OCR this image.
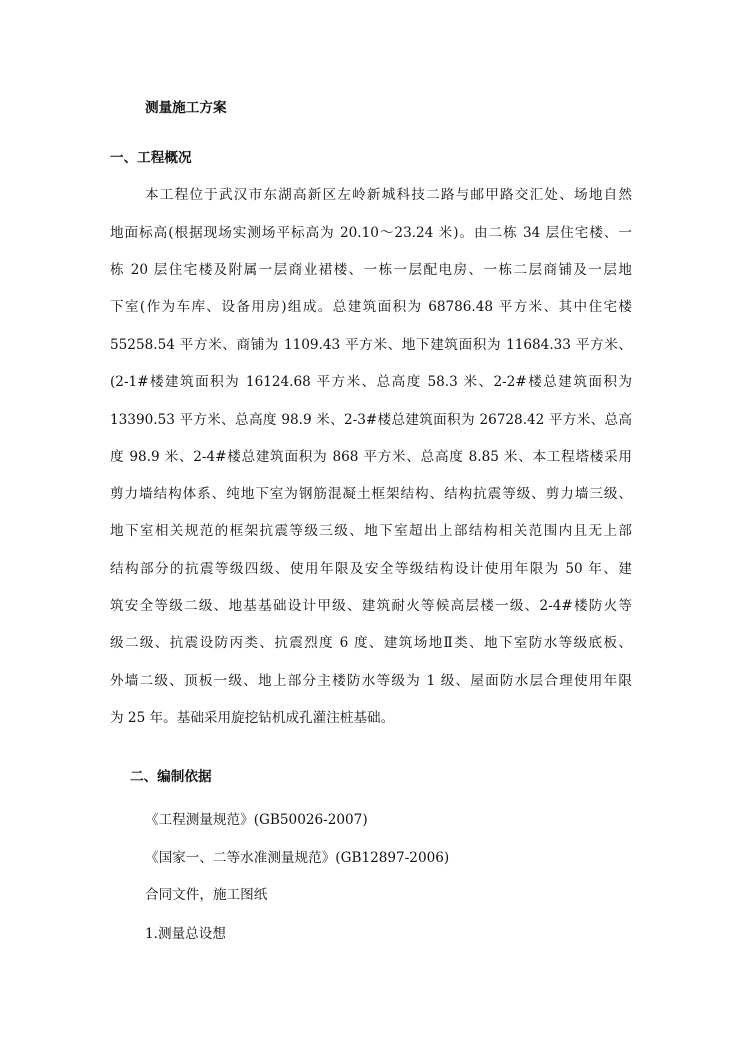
测量施工方案
一、工程概况
本工程位于武汉市东湖高新区左岭新城科技二路与邮甲路交汇处、场地自然
地面标高(根据现场实测场平标高为 20.10～23.24 米)。由二栋 34 层住宅楼、一
栋 20 层住宅楼及附属一层商业裙楼、一栋一层配电房、一栋二层商铺及一层地
下室(作为车库、设备用房)组成。总建筑面积为 68786.48 平方米、其中住宅楼
55258.54 平方米、商铺为 1109.43 平方米、地下建筑面积为 11684.33 平方米、
(2-1#楼建筑面积为 16124.68 平方米、总高度 58.3 米、2-2#楼总建筑面积为
13390.53 平方米、总高度 98.9 米、2-3#楼总建筑面积为 26728.42 平方米、总高
度 98.9 米、2-4#楼总建筑面积为 868 平方米、总高度 8.85 米、本工程塔楼采用
剪力墙结构体系、纯地下室为钢筋混凝土框架结构、结构抗震等级、剪力墙三级、
地下室相关规范的框架抗震等级三级、地下室超出上部结构相关范围内且无上部
结构部分的抗震等级四级、使用年限及安全等级结构设计使用年限为 50 年、建
筑安全等级二级、地基基础设计甲级、建筑耐火等候高层楼一级、2-4#楼防火等
级二级、抗震设防丙类、抗震烈度 6 度、建筑场地Ⅱ类、地下室防水等级底板、
外墙二级、顶板一级、地上部分主楼防水等级为 1 级、屋面防水层合理使用年限
为 25 年。基础采用旋挖钻机成孔灌注桩基础。
二、编制依据
《工程测量规范》(GB50026-2007)
《国家一、二等水准测量规范》(GB12897-2006)
合同文件，施工图纸
1.测量总设想
